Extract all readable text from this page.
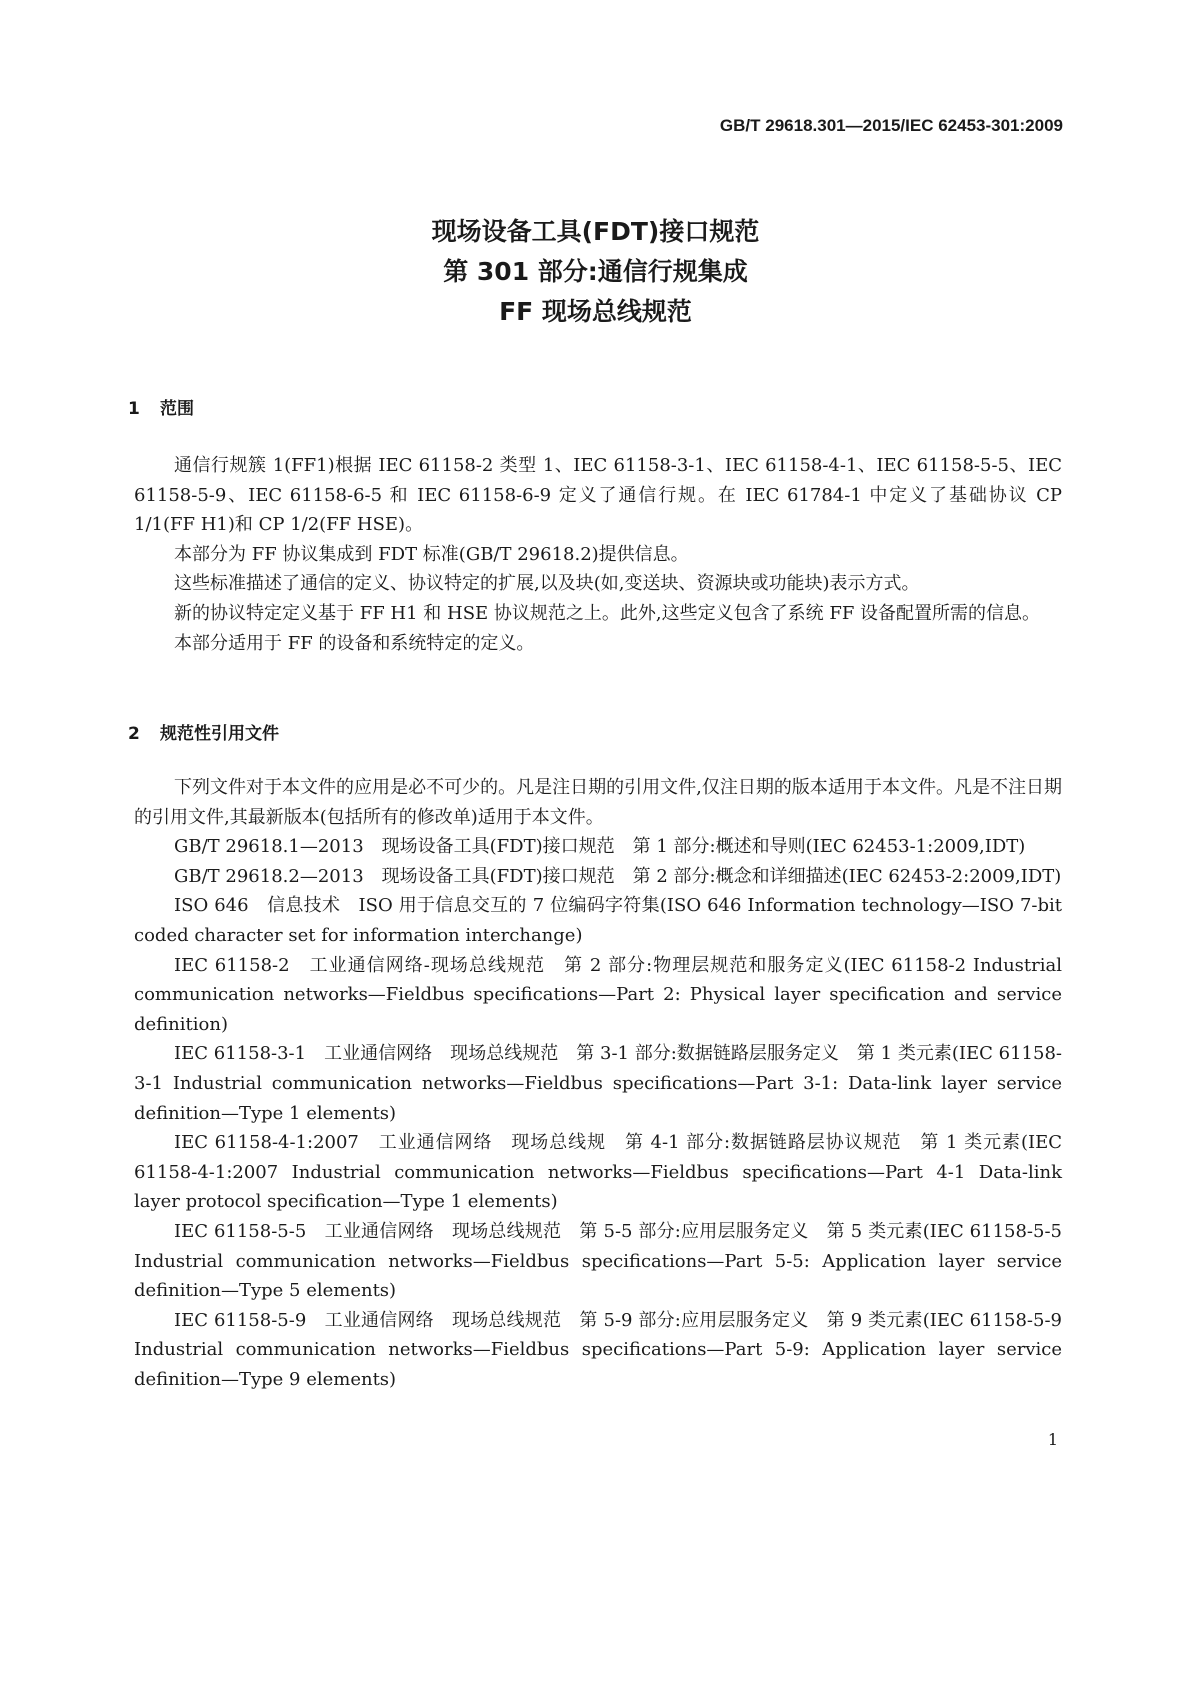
GB/T 29618.301—2015/IEC 62453-301:2009
现场设备工具(FDT)接口规范
第 301 部分:通信行规集成
FF 现场总线规范
1 范围

通信行规簇 1(FF1)根据 IEC 61158-2 类型 1、IEC 61158-3-1、IEC 61158-4-1、IEC 61158-5-5、IEC 61158-5-9、IEC 61158-6-5 和 IEC 61158-6-9 定义了通信行规。在 IEC 61784-1 中定义了基础协议 CP 1/1(FF H1)和 CP 1/2(FF HSE)。

本部分为 FF 协议集成到 FDT 标准(GB/T 29618.2)提供信息。

这些标准描述了通信的定义、协议特定的扩展,以及块(如,变送块、资源块或功能块)表示方式。

新的协议特定定义基于 FF H1 和 HSE 协议规范之上。此外,这些定义包含了系统 FF 设备配置所需的信息。

本部分适用于 FF 的设备和系统特定的定义。

2 规范性引用文件

下列文件对于本文件的应用是必不可少的。凡是注日期的引用文件,仅注日期的版本适用于本文件。凡是不注日期的引用文件,其最新版本(包括所有的修改单)适用于本文件。

GB/T 29618.1—2013　现场设备工具(FDT)接口规范　第 1 部分:概述和导则(IEC 62453-1:2009,IDT)

GB/T 29618.2—2013　现场设备工具(FDT)接口规范　第 2 部分:概念和详细描述(IEC 62453-2:2009,IDT)

ISO 646　信息技术　ISO 用于信息交互的 7 位编码字符集(ISO 646 Information technology—ISO 7-bit coded character set for information interchange)

IEC 61158-2　工业通信网络-现场总线规范　第 2 部分:物理层规范和服务定义(IEC 61158-2 Industrial communication networks—Fieldbus specifications—Part 2: Physical layer specification and service definition)

IEC 61158-3-1　工业通信网络　现场总线规范　第 3-1 部分:数据链路层服务定义　第 1 类元素(IEC 61158-3-1 Industrial communication networks—Fieldbus specifications—Part 3-1: Data-link layer service definition—Type 1 elements)

IEC 61158-4-1:2007　工业通信网络　现场总线规　第 4-1 部分:数据链路层协议规范　第 1 类元素(IEC 61158-4-1:2007 Industrial communication networks—Fieldbus specifications—Part 4-1 Data-link layer protocol specification—Type 1 elements)

IEC 61158-5-5　工业通信网络　现场总线规范　第 5-5 部分:应用层服务定义　第 5 类元素(IEC 61158-5-5 Industrial communication networks—Fieldbus specifications—Part 5-5: Application layer service definition—Type 5 elements)

IEC 61158-5-9　工业通信网络　现场总线规范　第 5-9 部分:应用层服务定义　第 9 类元素(IEC 61158-5-9 Industrial communication networks—Fieldbus specifications—Part 5-9: Application layer service definition—Type 9 elements)

1
